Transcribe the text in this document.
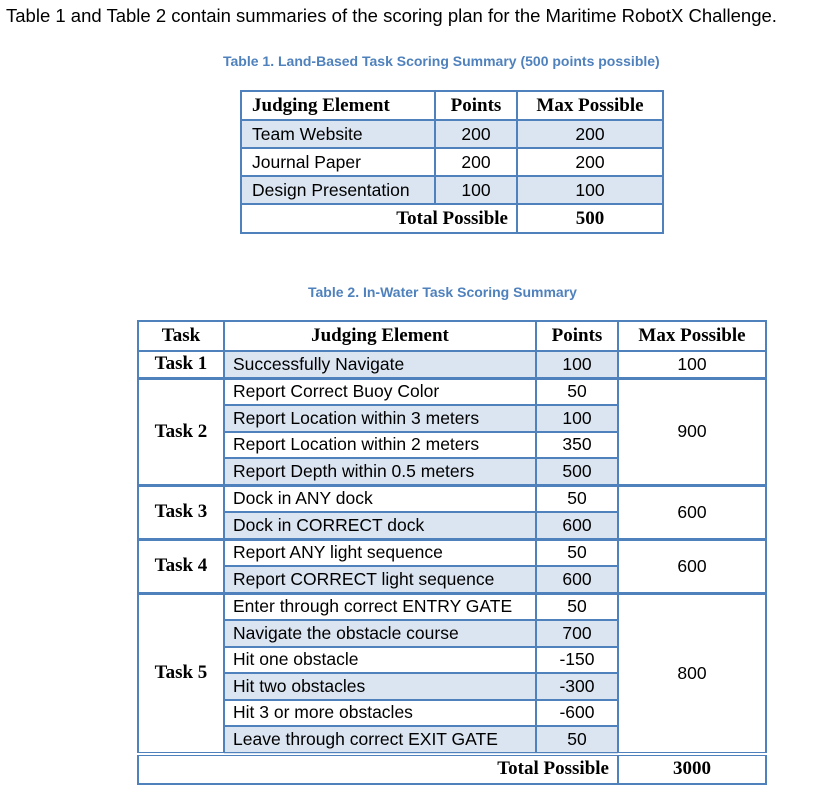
Table 1 and Table 2 contain summaries of the scoring plan for the Maritime RobotX Challenge.
Table 1. Land-Based Task Scoring Summary (500 points possible)
Judging Element	Points	Max Possible
Team Website	200	200
Journal Paper	200	200
Design Presentation	100	100
Total Possible		500
Table 2. In-Water Task Scoring Summary
Task	Judging Element	Points	Max Possible
Task 1	Successfully Navigate	100	100
Task 2	Report Correct Buoy Color	50	900
	Report Location within 3 meters	100	
	Report Location within 2 meters	350	
	Report Depth within 0.5 meters	500	
Task 3	Dock in ANY dock	50	600
	Dock in CORRECT dock	600	
Task 4	Report ANY light sequence	50	600
	Report CORRECT light sequence	600	
Task 5	Enter through correct ENTRY GATE	50	800
	Navigate the obstacle course	700	
	Hit one obstacle	-150	
	Hit two obstacles	-300	
	Hit 3 or more obstacles	-600	
	Leave through correct EXIT GATE	50	
Total Possible			3000
